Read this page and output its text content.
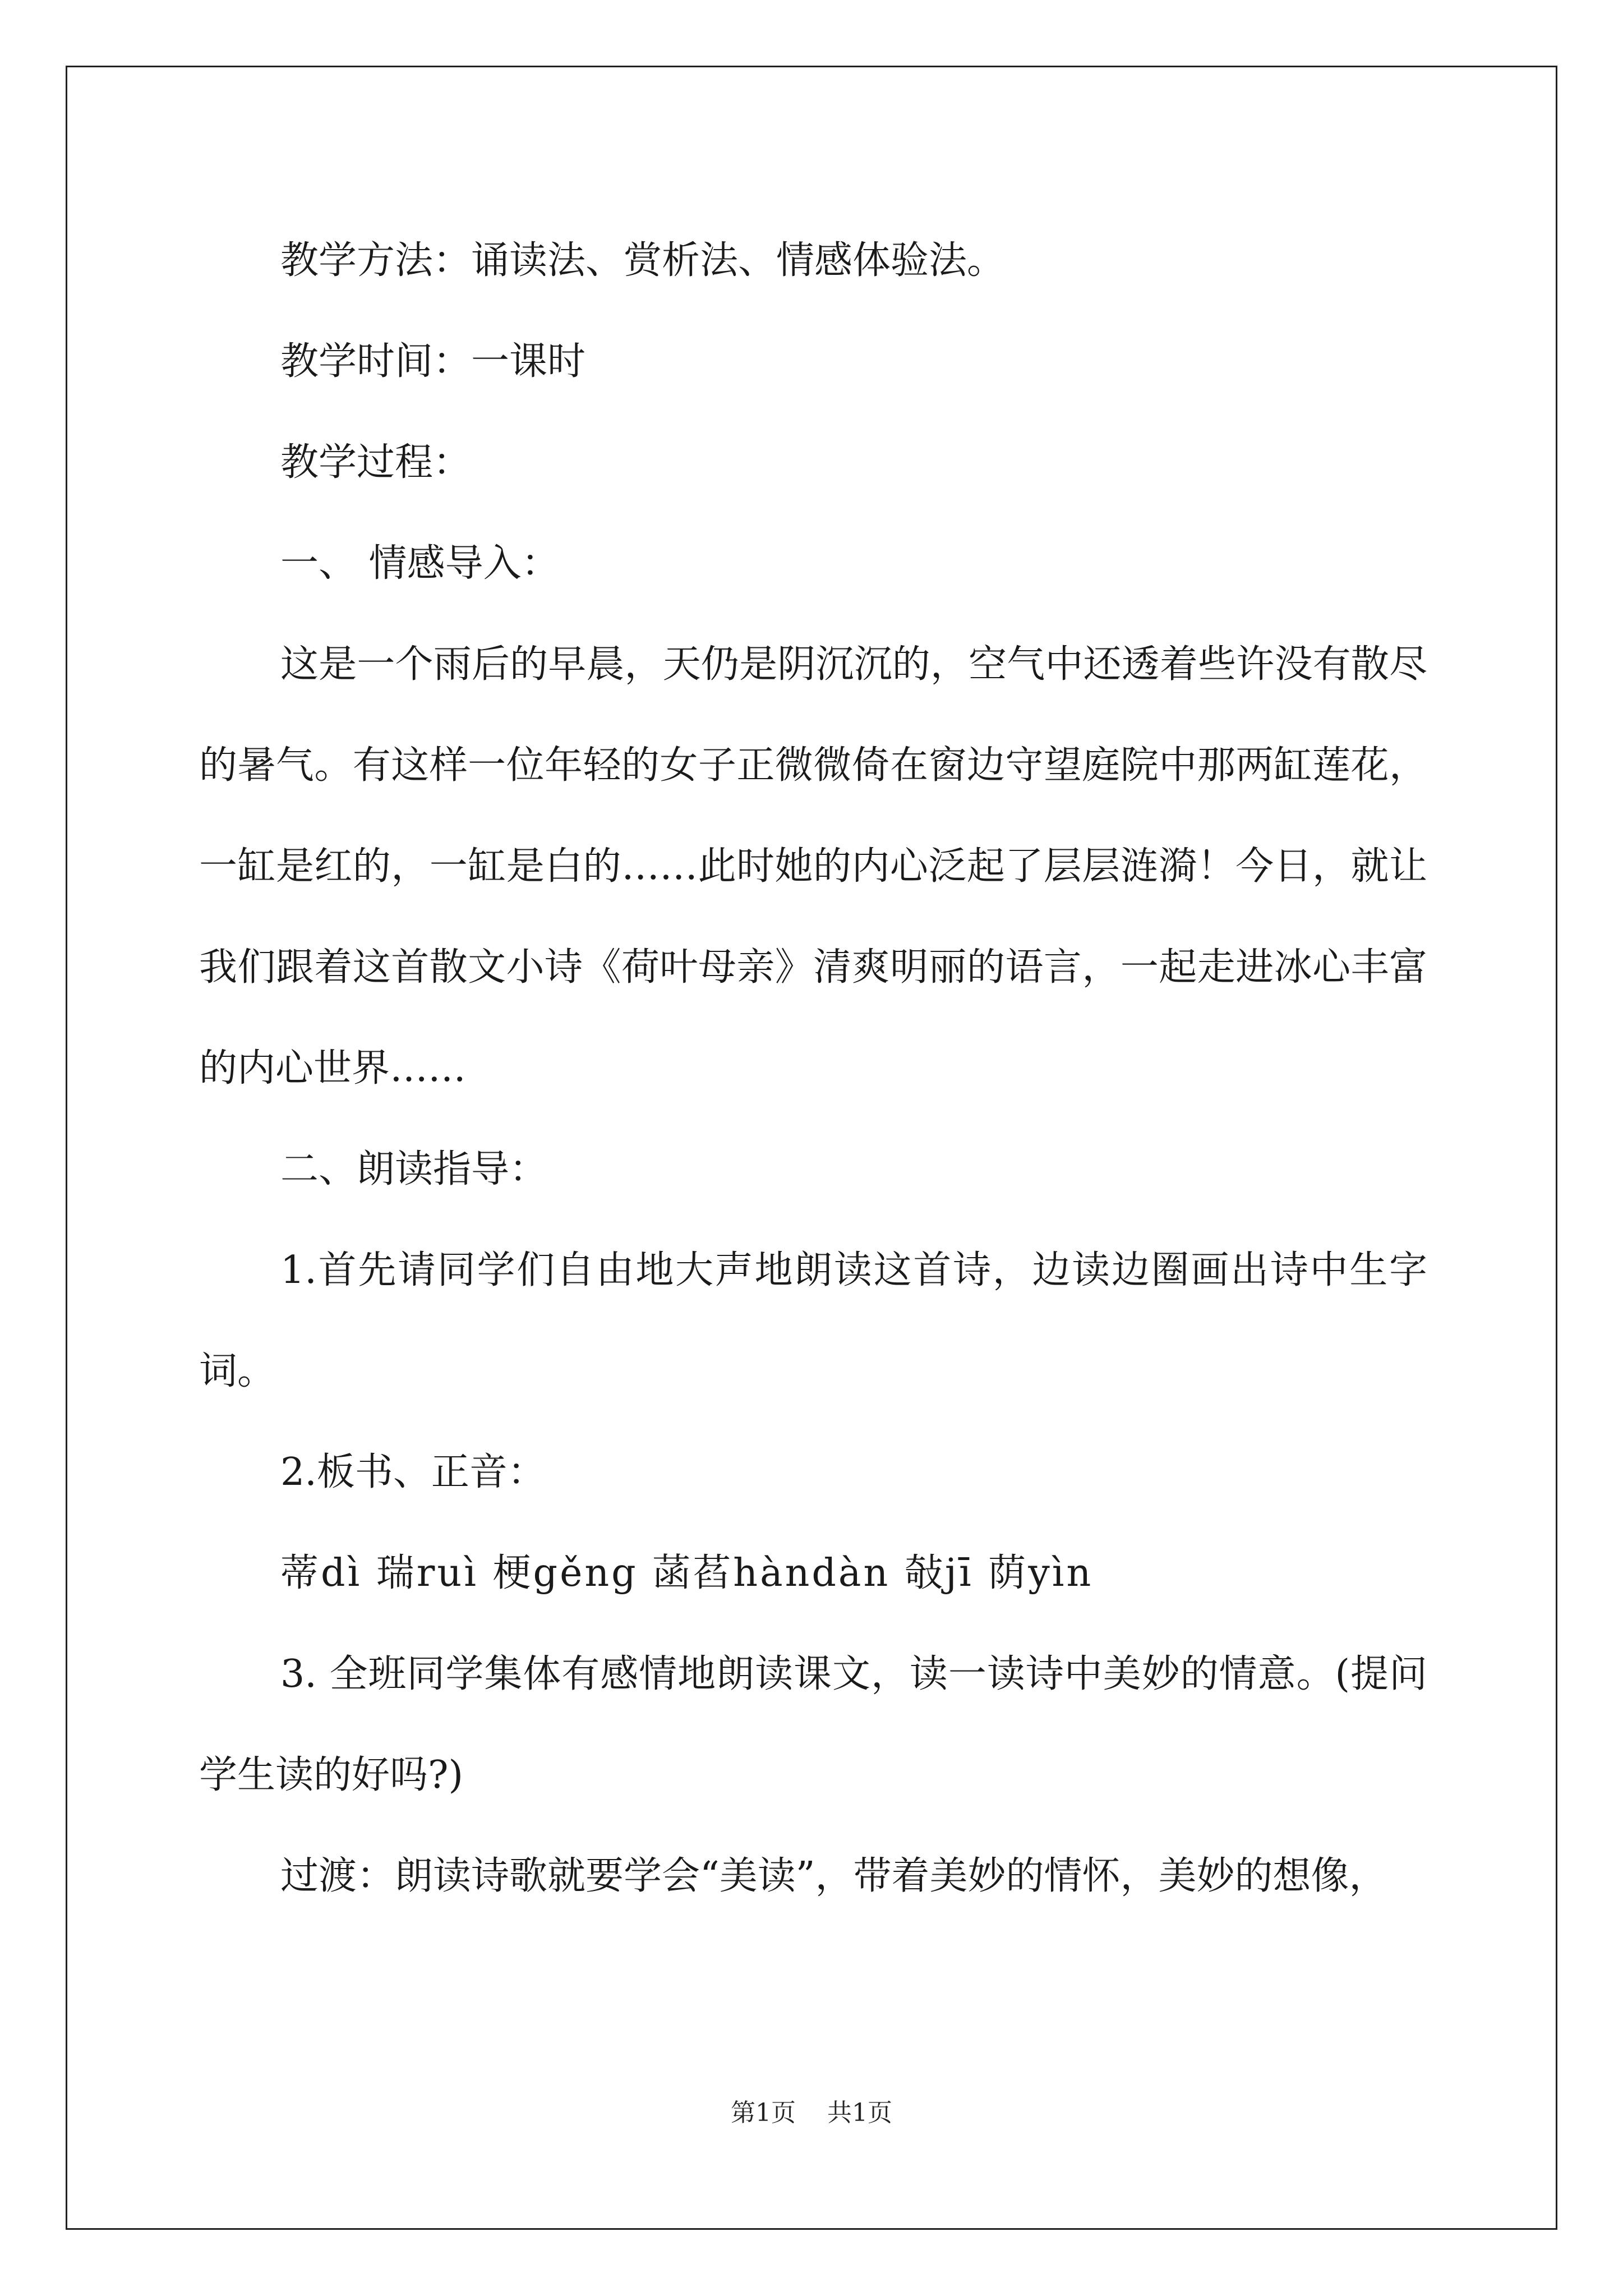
教学方法：诵读法、赏析法、情感体验法。

教学时间：一课时

教学过程：

一、 情感导入：

这是一个雨后的早晨，天仍是阴沉沉的，空气中还透着些许没有散尽的暑气。有这样一位年轻的女子正微微倚在窗边守望庭院中那两缸莲花，一缸是红的，一缸是白的……此时她的内心泛起了层层涟漪！今日，就让我们跟着这首散文小诗《荷叶母亲》清爽明丽的语言，一起走进冰心丰富的内心世界……

二、朗读指导：

1.首先请同学们自由地大声地朗读这首诗，边读边圈画出诗中生字词。

2.板书、正音：

蒂dì 瑞ruì 梗gěng 菡萏hàndàn 敧jī 荫yìn

3. 全班同学集体有感情地朗读课文，读一读诗中美妙的情意。(提问学生读的好吗?)

过渡：朗读诗歌就要学会“美读”，带着美妙的情怀，美妙的想像，

第1页 共1页
